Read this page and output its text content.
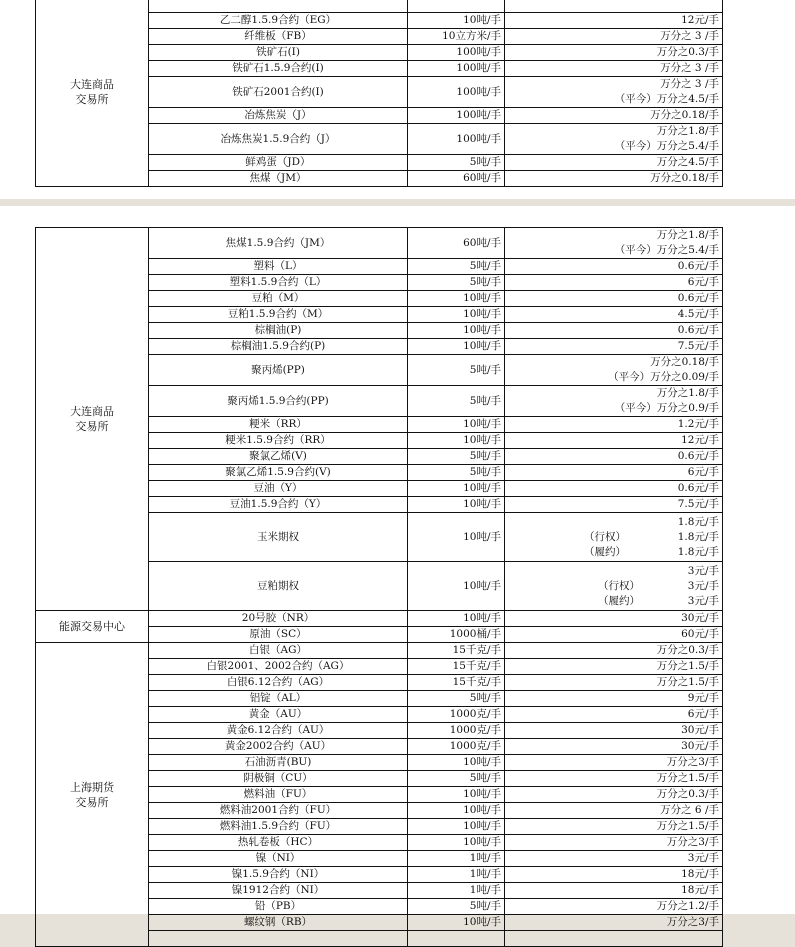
大连商品
交易所			
	乙二醇1.5.9合约（EG）	10吨/手	12元/手
	纤维板（FB）	10立方米/手	万分之 3 /手
	铁矿石(I)	100吨/手	万分之0.3/手
	铁矿石1.5.9合约(I)	100吨/手	万分之 3 /手
	铁矿石2001合约(I)	100吨/手	万分之 3 /手
（平今）万分之4.5/手

	冶炼焦炭（J）	100吨/手	万分之0.18/手
	冶炼焦炭1.5.9合约（J）	100吨/手	万分之1.8/手
（平今）万分之5.4/手

	鲜鸡蛋（JD）	5吨/手	万分之4.5/手
	焦煤（JM）	60吨/手	万分之0.18/手
大连商品
交易所	焦煤1.5.9合约（JM）	60吨/手	万分之1.8/手
（平今）万分之5.4/手

	塑料（L）	5吨/手	0.6元/手
	塑料1.5.9合约（L）	5吨/手	6元/手
	豆粕（M）	10吨/手	0.6元/手
	豆粕1.5.9合约（M）	10吨/手	4.5元/手
	棕榈油(P)	10吨/手	0.6元/手
	棕榈油1.5.9合约(P)	10吨/手	7.5元/手
	聚丙烯(PP)	5吨/手	万分之0.18/手
（平今）万分之0.09/手

	聚丙烯1.5.9合约(PP)	5吨/手	万分之1.8/手
（平今）万分之0.9/手

	粳米（RR）	10吨/手	1.2元/手
	粳米1.5.9合约（RR）	10吨/手	12元/手
	聚氯乙烯(V)	5吨/手	0.6元/手
	聚氯乙烯1.5.9合约(V)	5吨/手	6元/手
	豆油（Y）	10吨/手	0.6元/手
	豆油1.5.9合约（Y）	10吨/手	7.5元/手
	玉米期权	10吨/手	1.8元/手
（行权） 1.8元/手
（履约） 1.8元/手

	豆粕期权	10吨/手	3元/手
（行权） 3元/手
（履约） 3元/手

能源交易中心	20号胶（NR）	10吨/手	30元/手
	原油（SC）	1000桶/手	60元/手
上海期货
交易所	白银（AG）	15千克/手	万分之0.3/手
	白银2001、2002合约（AG）	15千克/手	万分之1.5/手
	白银6.12合约（AG）	15千克/手	万分之1.5/手
	铝锭（AL）	5吨/手	9元/手
	黄金（AU）	1000克/手	6元/手
	黄金6.12合约（AU）	1000克/手	30元/手
	黄金2002合约（AU）	1000克/手	30元/手
	石油沥青(BU)	10吨/手	万分之3/手
	阴极铜（CU）	5吨/手	万分之1.5/手
	燃料油（FU）	10吨/手	万分之0.3/手
	燃料油2001合约（FU）	10吨/手	万分之 6 /手
	燃料油1.5.9合约（FU）	10吨/手	万分之1.5/手
	热轧卷板（HC）	10吨/手	万分之3/手
	镍（NI）	1吨/手	3元/手
	镍1.5.9合约（NI）	1吨/手	18元/手
	镍1912合约（NI）	1吨/手	18元/手
	铅（PB）	5吨/手	万分之1.2/手
	螺纹钢（RB）	10吨/手	万分之3/手
